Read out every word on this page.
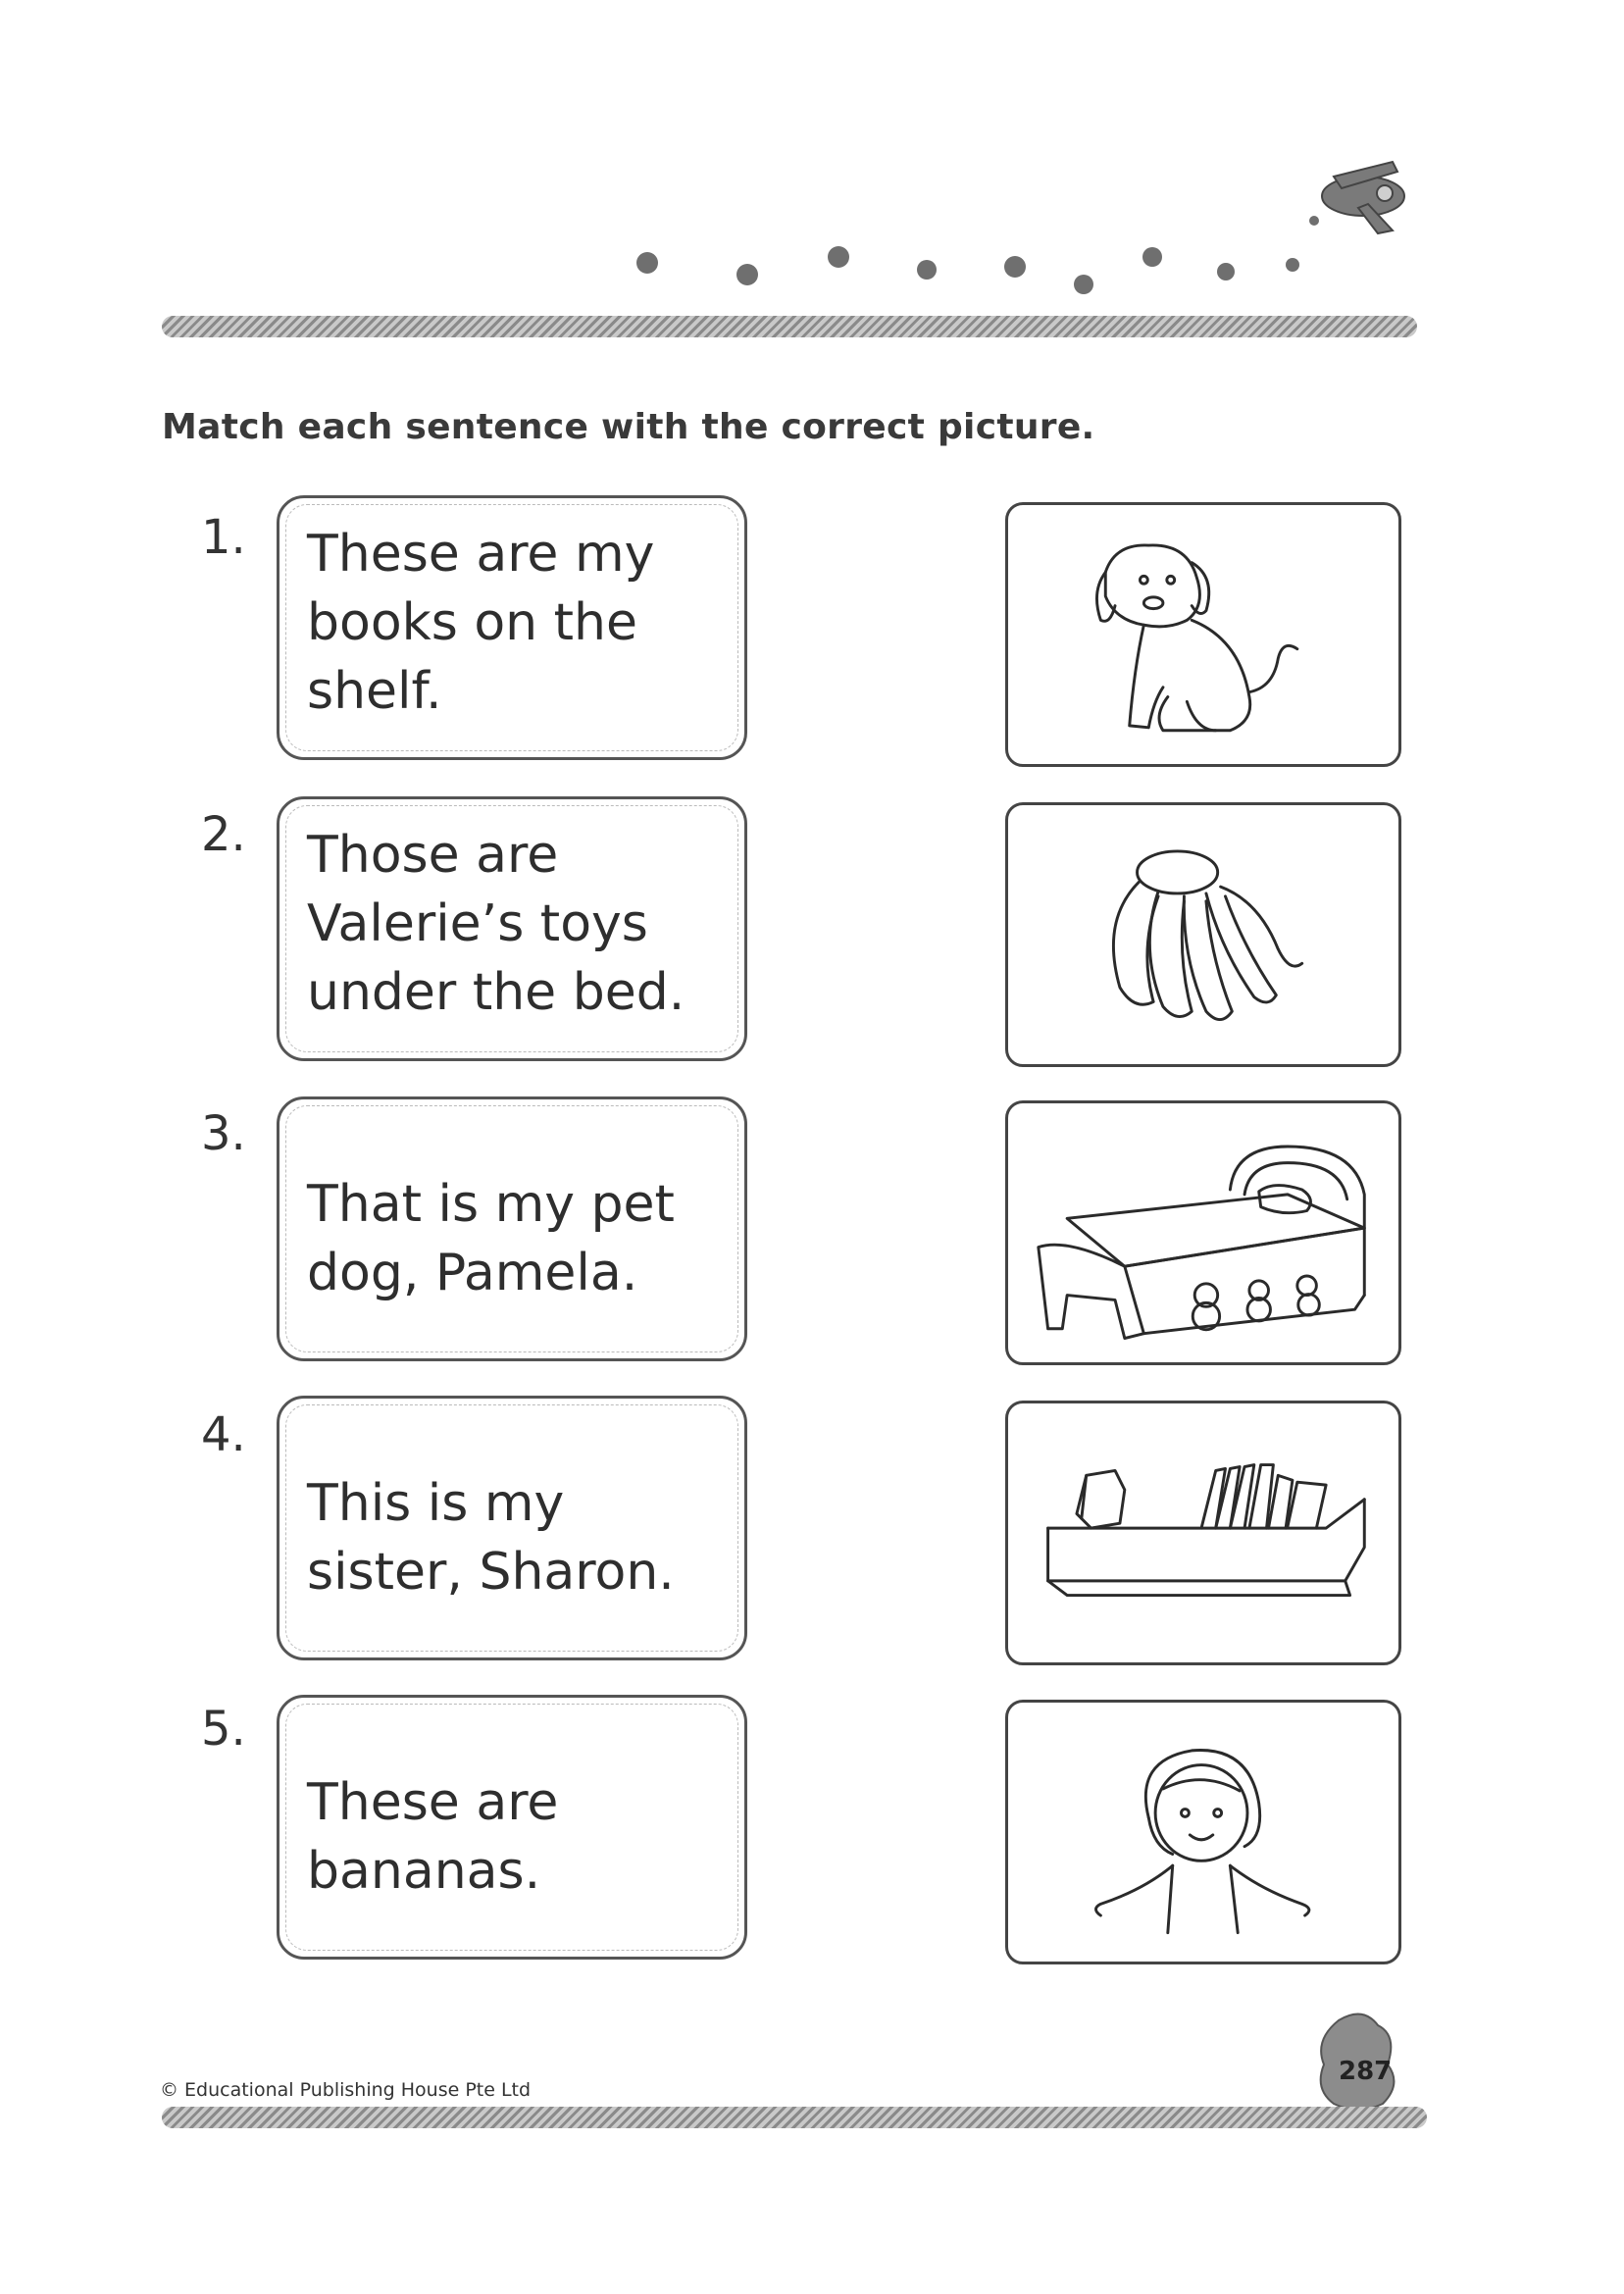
Match each sentence with the correct picture.
1. These are my books on the shelf.
2. Those are Valerie’s toys under the bed.
3.
That is my pet dog, Pamela.
4.
This is my sister, Sharon.
5.
These are bananas.
© Educational Publishing House Pte Ltd
287
